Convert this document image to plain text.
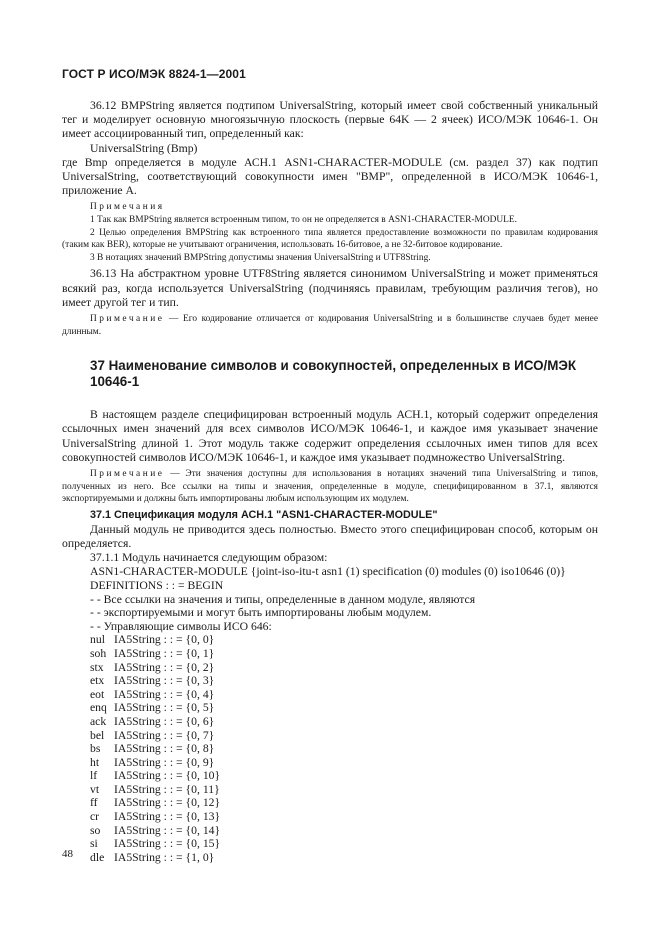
ГОСТ Р ИСО/МЭК 8824-1—2001

36.12 BMPString является подтипом UniversalString, который имеет свой собственный уникальный тег и моделирует основную многоязычную плоскость (первые 64K — 2 ячеек) ИСО/МЭК 10646-1. Он имеет ассоциированный тип, определенный как:

UniversalString (Bmp)

где Bmp определяется в модуле АСН.1 ASN1-CHARACTER-MODULE (см. раздел 37) как подтип UniversalString, соответствующий совокупности имен "BMP", определенной в ИСО/МЭК 10646-1, приложение А.

Примечания

1 Так как BMPString является встроенным типом, то он не определяется в ASN1-CHARACTER-MODULE.

2 Целью определения BMPString как встроенного типа является предоставление возможности по правилам кодирования (таким как BER), которые не учитывают ограничения, использовать 16-битовое, а не 32-битовое кодирование.

3 В нотациях значений BMPString допустимы значения UniversalString и UTF8String.

36.13 На абстрактном уровне UTF8String является синонимом UniversalString и может применяться всякий раз, когда используется UniversalString (подчиняясь правилам, требующим различия тегов), но имеет другой тег и тип.

Примечание — Его кодирование отличается от кодирования UniversalString и в большинстве случаев будет менее длинным.

37 Наименование символов и совокупностей, определенных в ИСО/МЭК 10646-1

В настоящем разделе специфицирован встроенный модуль АСН.1, который содержит определения ссылочных имен значений для всех символов ИСО/МЭК 10646-1, и каждое имя указывает значение UniversalString длиной 1. Этот модуль также содержит определения ссылочных имен типов для всех совокупностей символов ИСО/МЭК 10646-1, и каждое имя указывает подмножество UniversalString.

Примечание — Эти значения доступны для использования в нотациях значений типа UniversalString и типов, полученных из него. Все ссылки на типы и значения, определенные в модуле, специфицированном в 37.1, являются экспортируемыми и должны быть импортированы любым использующим их модулем.

37.1 Спецификация модуля АСН.1 "ASN1-CHARACTER-MODULE"

Данный модуль не приводится здесь полностью. Вместо этого специфицирован способ, которым он определяется.

37.1.1 Модуль начинается следующим образом:

ASN1-CHARACTER-MODULE {joint-iso-itu-t asn1 (1) specification (0) modules (0) iso10646 (0)}

DEFINITIONS : : = BEGIN

- - Все ссылки на значения и типы, определенные в данном модуле, являются

- - экспортируемыми и могут быть импортированы любым модулем.

- - Управляющие символы ИСО 646:

nul IA5String : : = {0, 0}
soh IA5String : : = {0, 1}
stx IA5String : : = {0, 2}
etx IA5String : : = {0, 3}
eot IA5String : : = {0, 4}
enq IA5String : : = {0, 5}
ack IA5String : : = {0, 6}
bel IA5String : : = {0, 7}
bs	IA5String : : = {0, 8}
ht	IA5String : : = {0, 9}
lf	IA5String : : = {0, 10}
vt	IA5String : : = {0, 11}
ff	IA5String : : = {0, 12}
cr	IA5String : : = {0, 13}
so	IA5String : : = {0, 14}
si	IA5String : : = {0, 15}
dle IA5String : : = {1, 0}
48
